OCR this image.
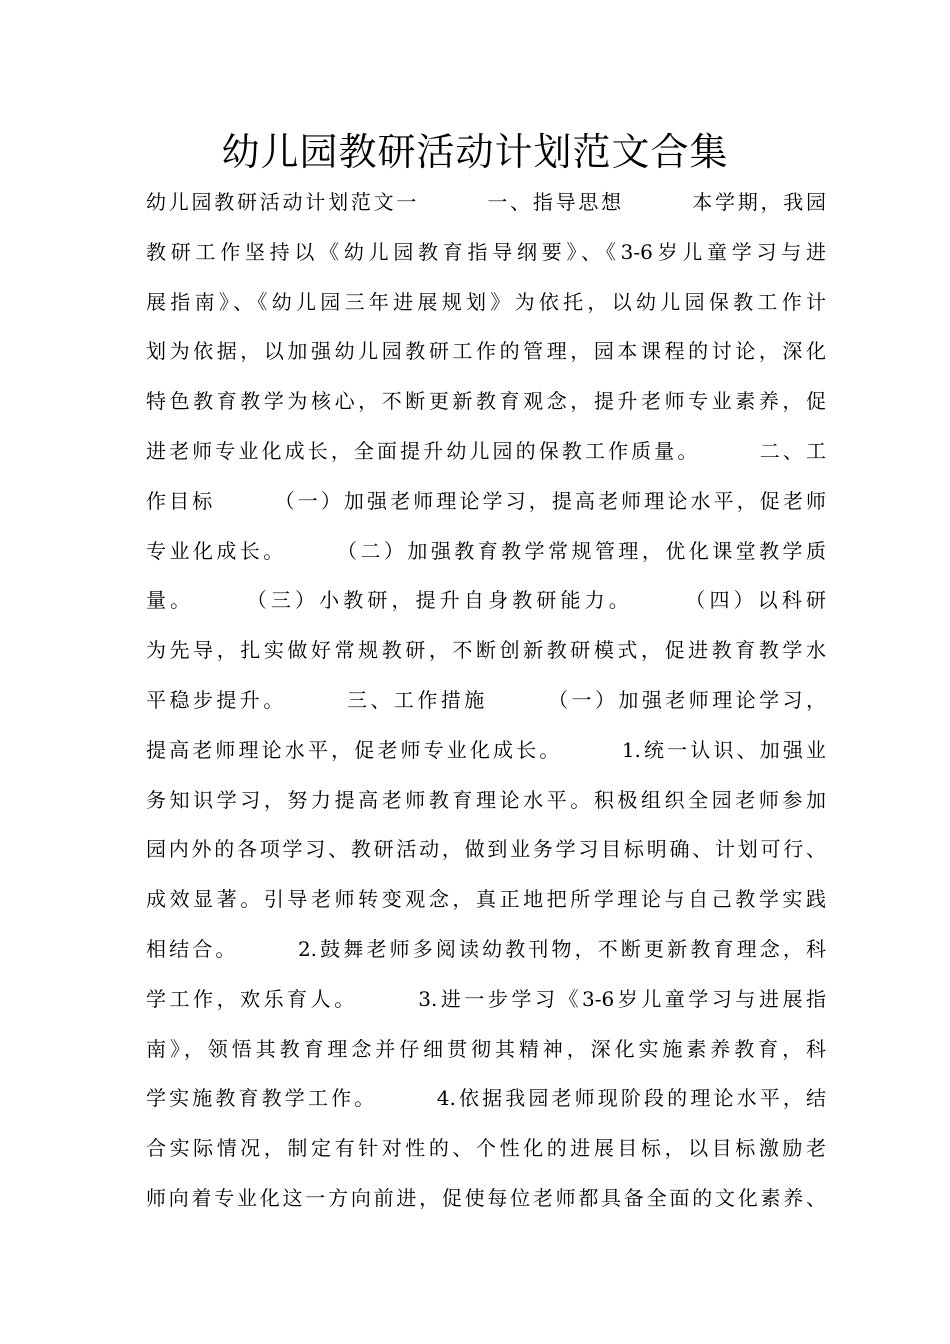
幼儿园教研活动计划范文合集
幼儿园教研活动计划范文一　　　一、指导思想　　　本学期，我园
教研工作坚持以《幼儿园教育指导纲要》、《3-6岁儿童学习与进
展指南》、《幼儿园三年进展规划》为依托，以幼儿园保教工作计
划为依据，以加强幼儿园教研工作的管理，园本课程的讨论，深化
特色教育教学为核心，不断更新教育观念，提升老师专业素养，促
进老师专业化成长，全面提升幼儿园的保教工作质量。　　　二、工
作目标　　　（一）加强老师理论学习，提高老师理论水平，促老师
专业化成长。　　　（二）加强教育教学常规管理，优化课堂教学质
量。　　　（三）小教研，提升自身教研能力。　　　（四）以科研
为先导，扎实做好常规教研，不断创新教研模式，促进教育教学水
平稳步提升。　　　三、工作措施　　　（一）加强老师理论学习，
提高老师理论水平，促老师专业化成长。　　　1.统一认识、加强业
务知识学习，努力提高老师教育理论水平。积极组织全园老师参加
园内外的各项学习、教研活动，做到业务学习目标明确、计划可行、
成效显著。引导老师转变观念，真正地把所学理论与自己教学实践
相结合。　　　2.鼓舞老师多阅读幼教刊物，不断更新教育理念，科
学工作，欢乐育人。　　　3.进一步学习《3-6岁儿童学习与进展指
南》，领悟其教育理念并仔细贯彻其精神，深化实施素养教育，科
学实施教育教学工作。　　　4.依据我园老师现阶段的理论水平，结
合实际情况，制定有针对性的、个性化的进展目标，以目标激励老
师向着专业化这一方向前进，促使每位老师都具备全面的文化素养、
